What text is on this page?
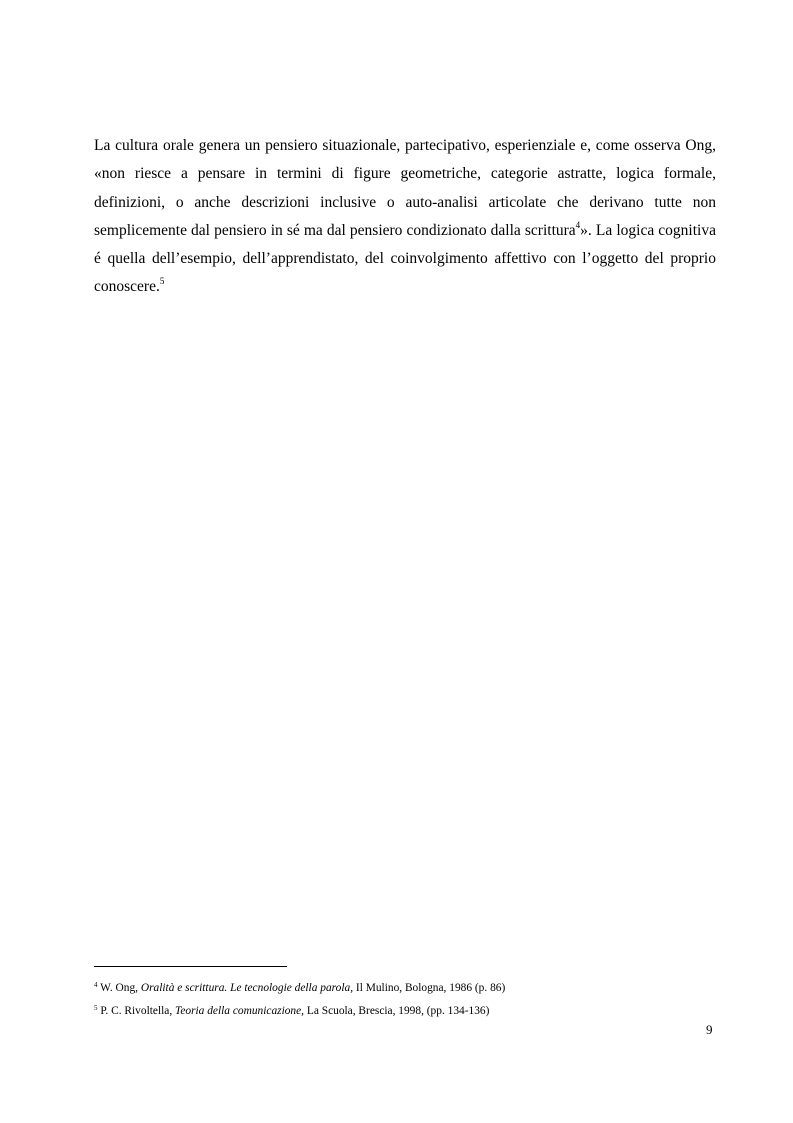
La cultura orale genera un pensiero situazionale, partecipativo, esperienziale e, come osserva Ong, «non riesce a pensare in termini di figure geometriche, categorie astratte, logica formale, definizioni, o anche descrizioni inclusive o auto-analisi articolate che derivano tutte non semplicemente dal pensiero in sé ma dal pensiero condizionato dalla scrittura$^4$». La logica cognitiva é quella dell’esempio, dell’apprendistato, del coinvolgimento affettivo con l’oggetto del proprio conoscere.$^5$

$^4$ W. Ong, Oralità e scrittura. Le tecnologie della parola, Il Mulino, Bologna, 1986 (p. 86)

$^5$ P. C. Rivoltella, Teoria della comunicazione, La Scuola, Brescia, 1998, (pp. 134-136)

9
